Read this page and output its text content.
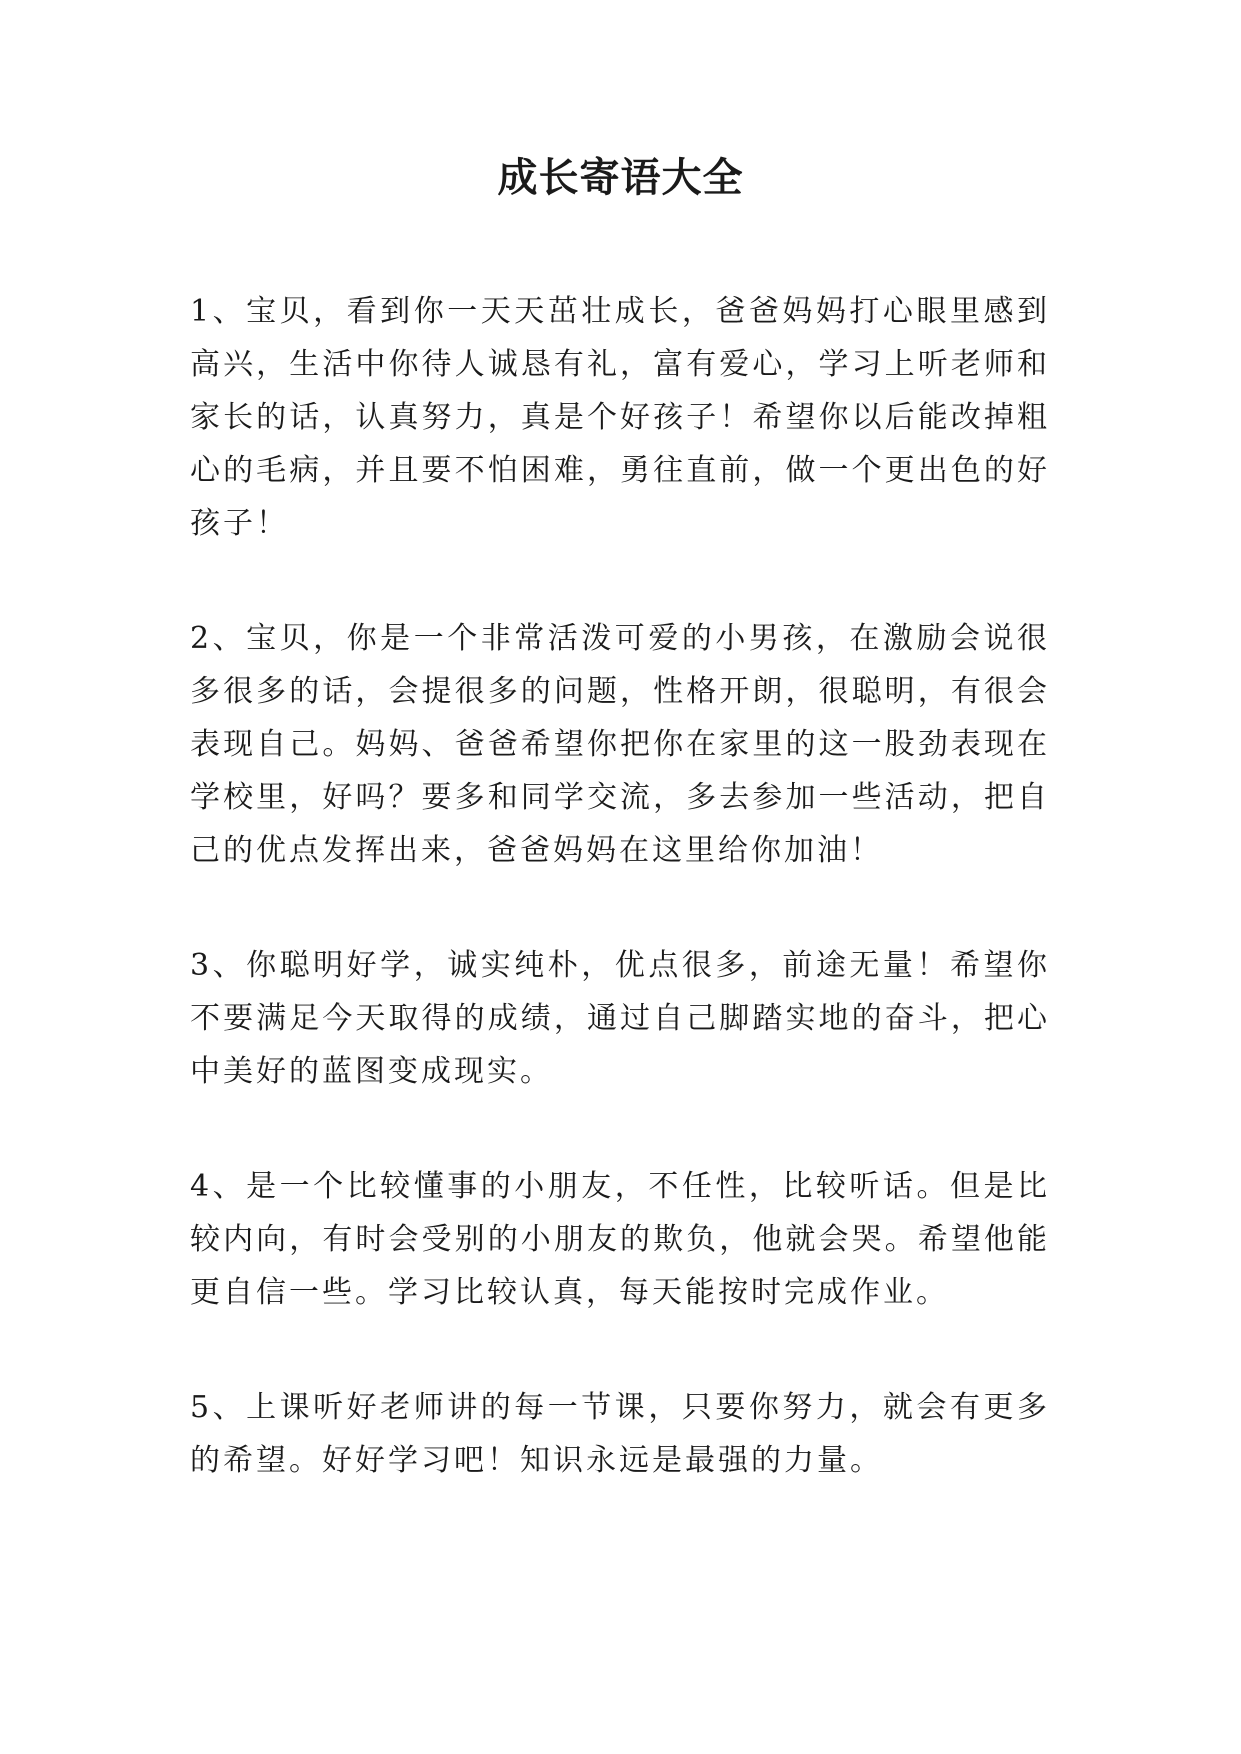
成长寄语大全

1、宝贝，看到你一天天茁壮成长，爸爸妈妈打心眼里感到高兴，生活中你待人诚恳有礼，富有爱心，学习上听老师和家长的话，认真努力，真是个好孩子！希望你以后能改掉粗心的毛病，并且要不怕困难，勇往直前，做一个更出色的好孩子！

2、宝贝，你是一个非常活泼可爱的小男孩，在激励会说很多很多的话，会提很多的问题，性格开朗，很聪明，有很会表现自己。妈妈、爸爸希望你把你在家里的这一股劲表现在学校里，好吗？要多和同学交流，多去参加一些活动，把自己的优点发挥出来，爸爸妈妈在这里给你加油！

3、你聪明好学，诚实纯朴，优点很多，前途无量！希望你不要满足今天取得的成绩，通过自己脚踏实地的奋斗，把心中美好的蓝图变成现实。

4、是一个比较懂事的小朋友，不任性，比较听话。但是比较内向，有时会受别的小朋友的欺负，他就会哭。希望他能更自信一些。学习比较认真，每天能按时完成作业。

5、上课听好老师讲的每一节课，只要你努力，就会有更多的希望。好好学习吧！知识永远是最强的力量。
